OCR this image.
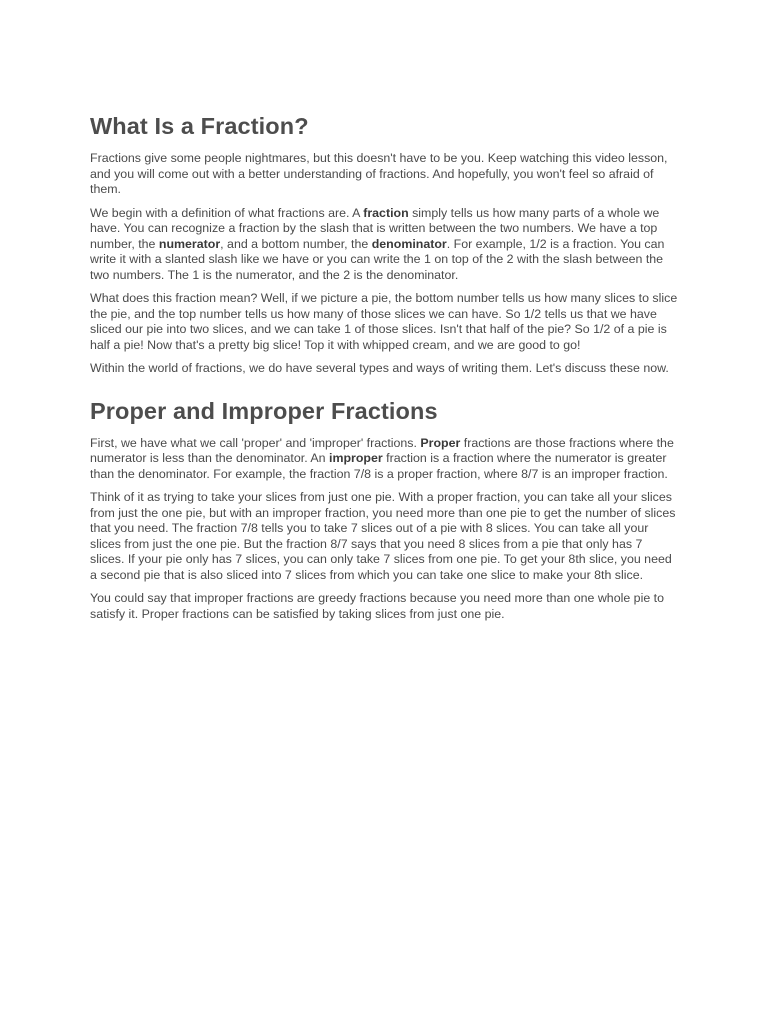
What Is a Fraction?

Fractions give some people nightmares, but this doesn't have to be you. Keep watching this video lesson, and you will come out with a better understanding of fractions. And hopefully, you won't feel so afraid of them.

We begin with a definition of what fractions are. A fraction simply tells us how many parts of a whole we have. You can recognize a fraction by the slash that is written between the two numbers. We have a top number, the numerator, and a bottom number, the denominator. For example, 1/2 is a fraction. You can write it with a slanted slash like we have or you can write the 1 on top of the 2 with the slash between the two numbers. The 1 is the numerator, and the 2 is the denominator.

What does this fraction mean? Well, if we picture a pie, the bottom number tells us how many slices to slice the pie, and the top number tells us how many of those slices we can have. So 1/2 tells us that we have sliced our pie into two slices, and we can take 1 of those slices. Isn't that half of the pie? So 1/2 of a pie is half a pie! Now that's a pretty big slice! Top it with whipped cream, and we are good to go!

Within the world of fractions, we do have several types and ways of writing them. Let's discuss these now.

Proper and Improper Fractions

First, we have what we call 'proper' and 'improper' fractions. Proper fractions are those fractions where the numerator is less than the denominator. An improper fraction is a fraction where the numerator is greater than the denominator. For example, the fraction 7/8 is a proper fraction, where 8/7 is an improper fraction.

Think of it as trying to take your slices from just one pie. With a proper fraction, you can take all your slices from just the one pie, but with an improper fraction, you need more than one pie to get the number of slices that you need. The fraction 7/8 tells you to take 7 slices out of a pie with 8 slices. You can take all your slices from just the one pie. But the fraction 8/7 says that you need 8 slices from a pie that only has 7 slices. If your pie only has 7 slices, you can only take 7 slices from one pie. To get your 8th slice, you need a second pie that is also sliced into 7 slices from which you can take one slice to make your 8th slice.

You could say that improper fractions are greedy fractions because you need more than one whole pie to satisfy it. Proper fractions can be satisfied by taking slices from just one pie.
